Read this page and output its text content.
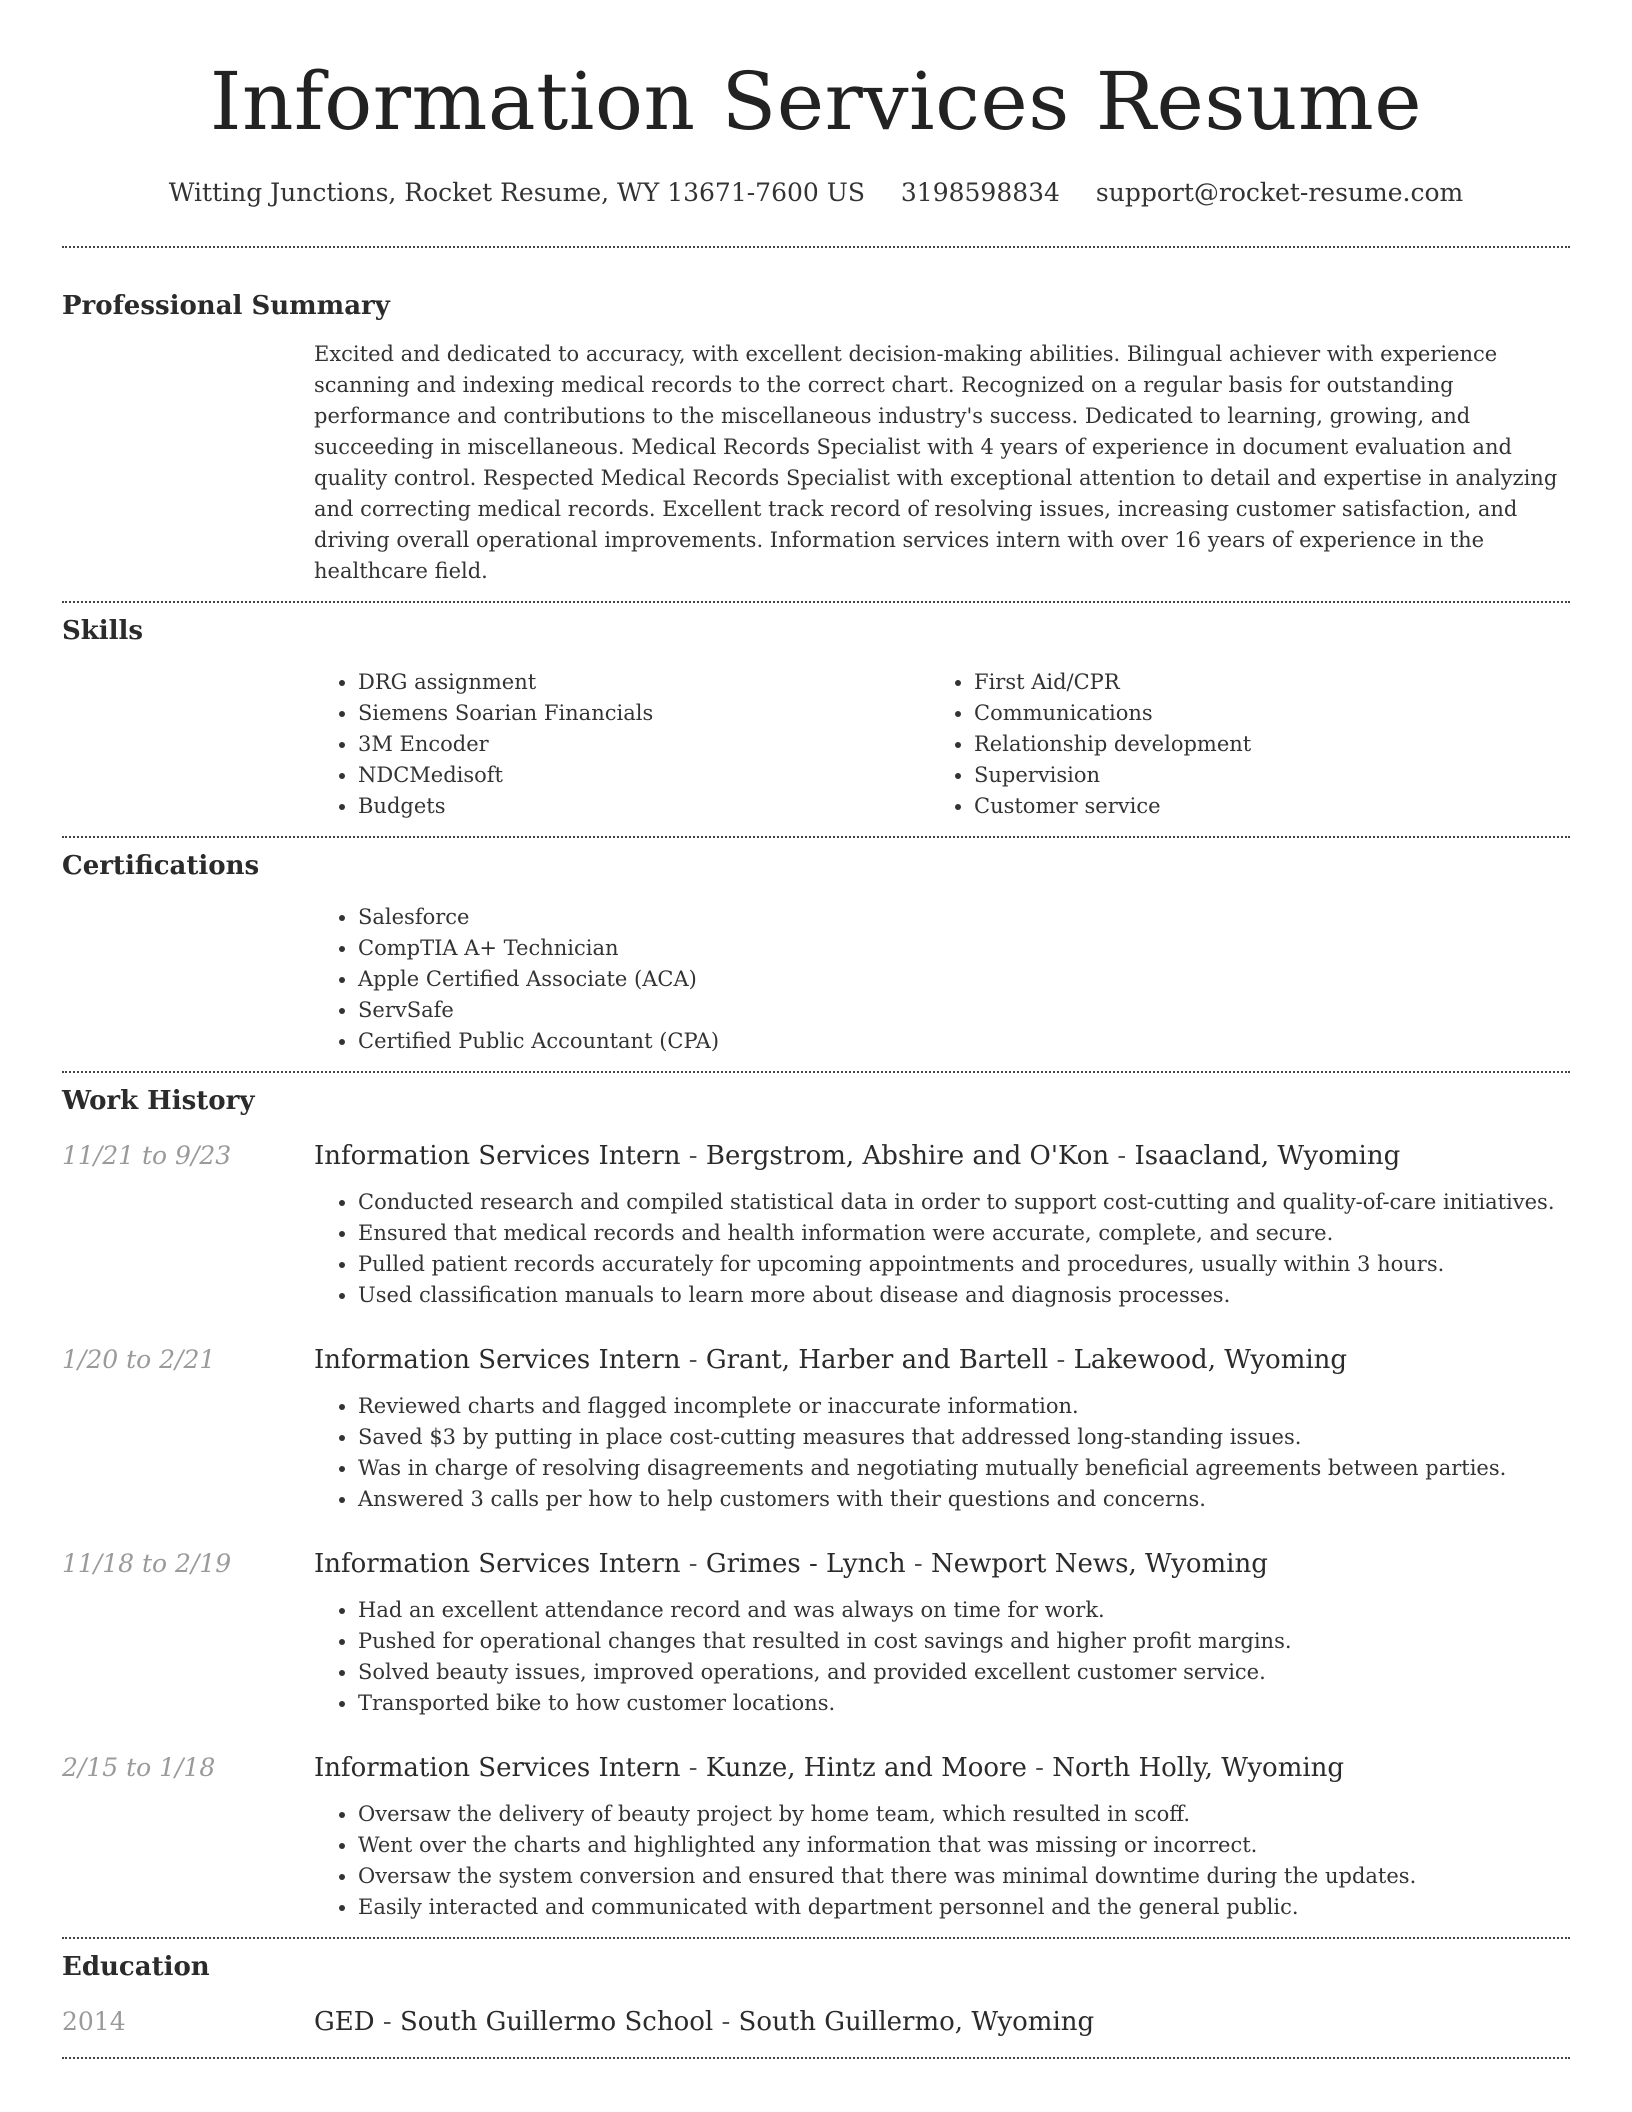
Information Services Resume
Witting Junctions, Rocket Resume, WY 13671-7600 US 3198598834 support@rocket-resume.com
Professional Summary

Excited and dedicated to accuracy, with excellent decision-making abilities. Bilingual achiever with experience scanning and indexing medical records to the correct chart. Recognized on a regular basis for outstanding performance and contributions to the miscellaneous industry's success. Dedicated to learning, growing, and succeeding in miscellaneous. Medical Records Specialist with 4 years of experience in document evaluation and quality control. Respected Medical Records Specialist with exceptional attention to detail and expertise in analyzing and correcting medical records. Excellent track record of resolving issues, increasing customer satisfaction, and driving overall operational improvements. Information services intern with over 16 years of experience in the healthcare field.

Skills
• DRG assignment
• Siemens Soarian Financials
• 3M Encoder
• NDCMedisoft
• Budgets
• First Aid/CPR
• Communications
• Relationship development
• Supervision
• Customer service
Certifications
• Salesforce
• CompTIA A+ Technician
• Apple Certified Associate (ACA)
• ServSafe
• Certified Public Accountant (CPA)
Work History
11/21 to 9/23	Information Services Intern - Bergstrom, Abshire and O'Kon - Isaacland, Wyoming
• Conducted research and compiled statistical data in order to support cost-cutting and quality-of-care initiatives.
• Ensured that medical records and health information were accurate, complete, and secure.
• Pulled patient records accurately for upcoming appointments and procedures, usually within 3 hours.
• Used classification manuals to learn more about disease and diagnosis processes.
1/20 to 2/21	Information Services Intern - Grant, Harber and Bartell - Lakewood, Wyoming
• Reviewed charts and flagged incomplete or inaccurate information.
• Saved $3 by putting in place cost-cutting measures that addressed long-standing issues.
• Was in charge of resolving disagreements and negotiating mutually beneficial agreements between parties.
• Answered 3 calls per how to help customers with their questions and concerns.
11/18 to 2/19	Information Services Intern - Grimes - Lynch - Newport News, Wyoming
• Had an excellent attendance record and was always on time for work.
• Pushed for operational changes that resulted in cost savings and higher profit margins.
• Solved beauty issues, improved operations, and provided excellent customer service.
• Transported bike to how customer locations.
2/15 to 1/18	Information Services Intern - Kunze, Hintz and Moore - North Holly, Wyoming
• Oversaw the delivery of beauty project by home team, which resulted in scoff.
• Went over the charts and highlighted any information that was missing or incorrect.
• Oversaw the system conversion and ensured that there was minimal downtime during the updates.
• Easily interacted and communicated with department personnel and the general public.
Education
2014	GED - South Guillermo School - South Guillermo, Wyoming
